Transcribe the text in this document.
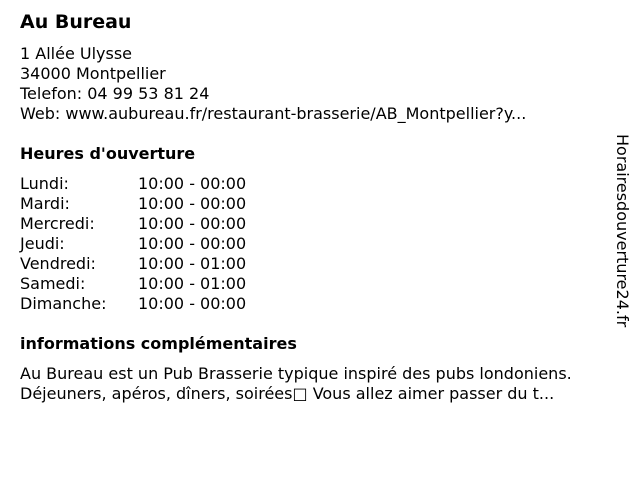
Au Bureau
1 Allée Ulysse
34000 Montpellier
Telefon: 04 99 53 81 24
Web: www.aubureau.fr/restaurant-brasserie/AB_Montpellier?y...
Heures d'ouverture
Lundi:	10:00 - 00:00
Mardi:	10:00 - 00:00
Mercredi:	10:00 - 00:00
Jeudi:	10:00 - 00:00
Vendredi:	10:00 - 01:00
Samedi:	10:00 - 01:00
Dimanche:	10:00 - 00:00
informations complémentaires
Au Bureau est un Pub Brasserie typique inspiré des pubs londoniens.
Déjeuners, apéros, dîners, soirées□ Vous allez aimer passer du t...
Horairesdouverture24.fr
